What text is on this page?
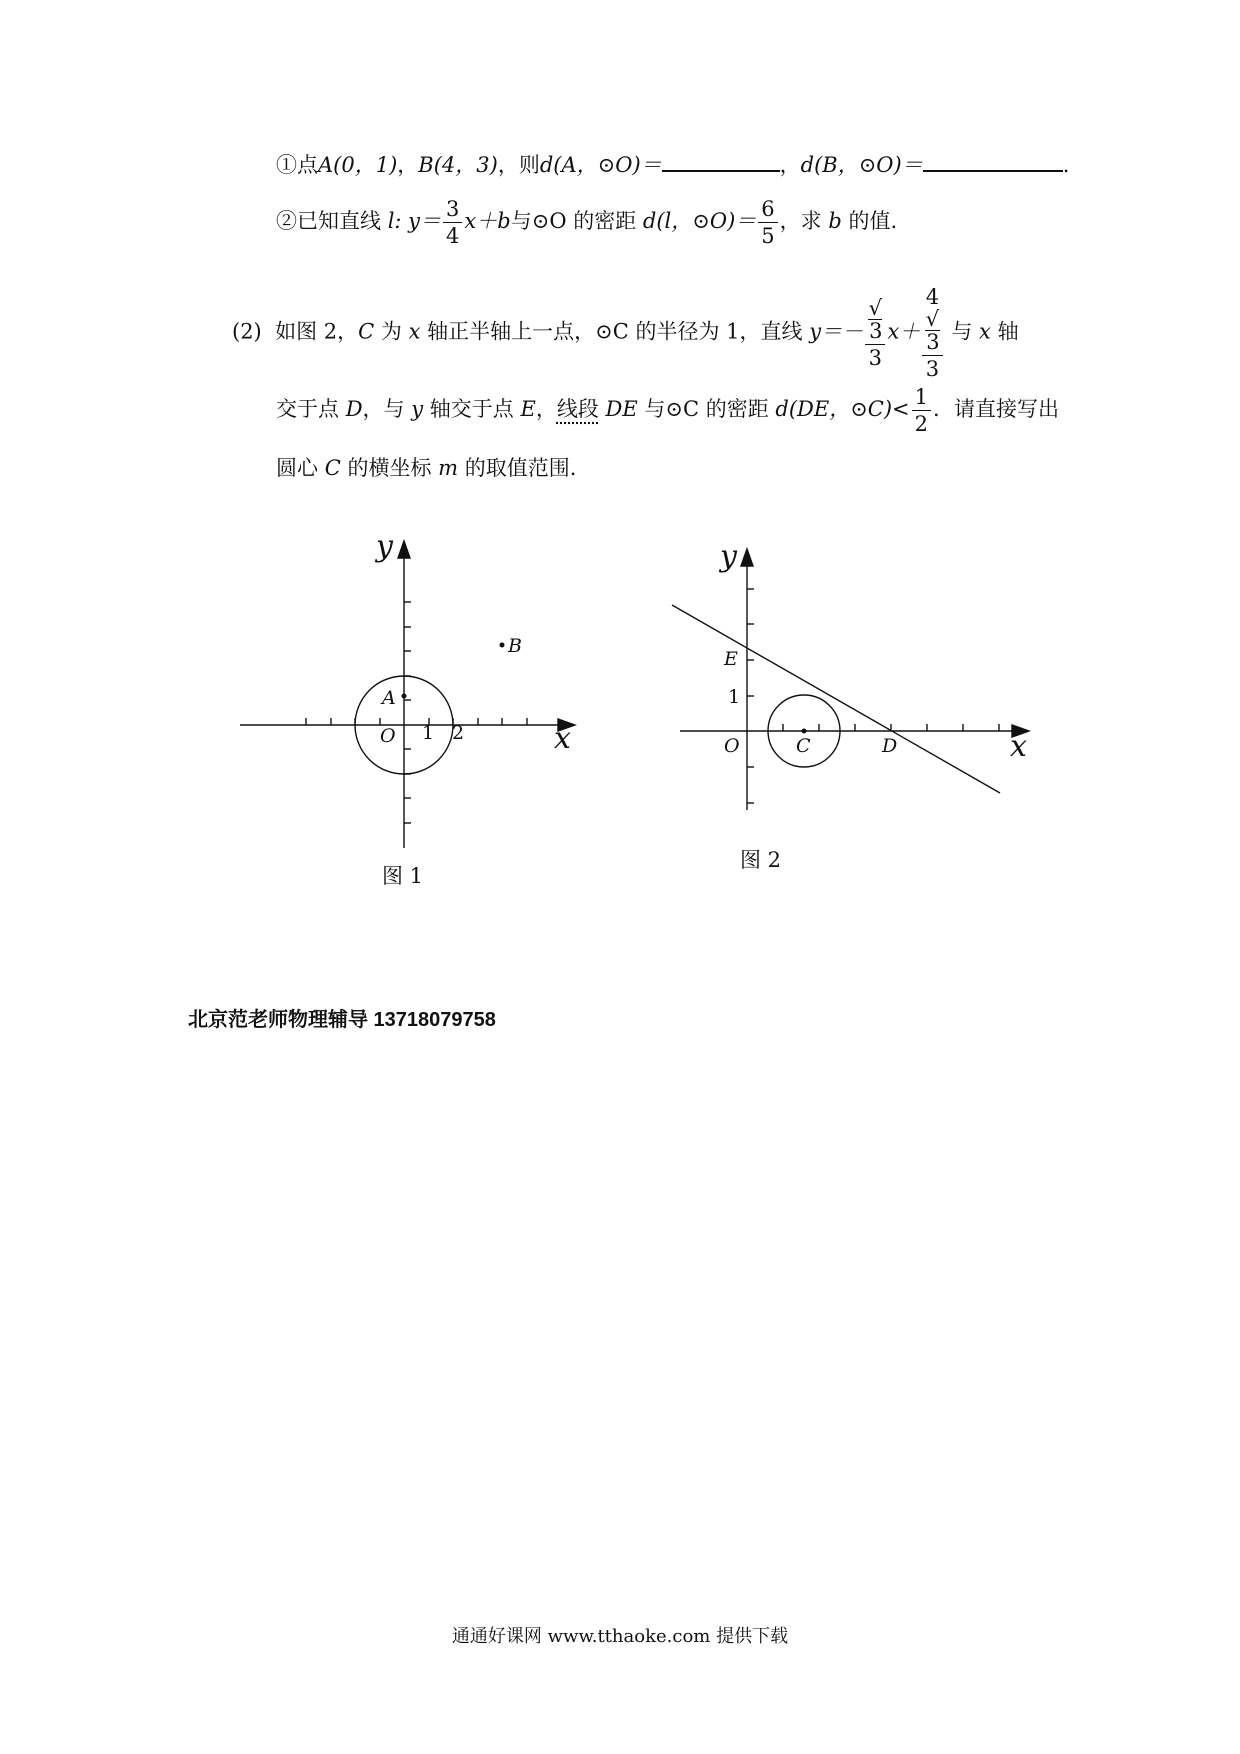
①点A(0，1)，B(4，3)，则d(A，⊙O)＝	，d(B，⊙O)＝	.
②已知直线 l: $y= \frac{3}{4} x+b$与⊙O 的密距 d(l，⊙O)＝ $\frac{6}{5}$ ，求 b 的值.
(2) 如图 2，C 为 x 轴正半轴上一点，⊙C 的半径为 1，直线 y＝－ √
3
3 x＋ 4
√
3
3 与 x 轴
交于点 D，与 y 轴交于点 E，线段 DE 与⊙C 的密距 d(DE，⊙C)< $\frac{1}{2}$ ．请直接写出
圆心 C 的横坐标 m 的取值范围.
y
x
O 1 2
A
B
y
x
O
E
1
C	D
图 1
图 2
北京范老师物理辅导 13718079758
通通好课网 www.tthaoke.com 提供下载
